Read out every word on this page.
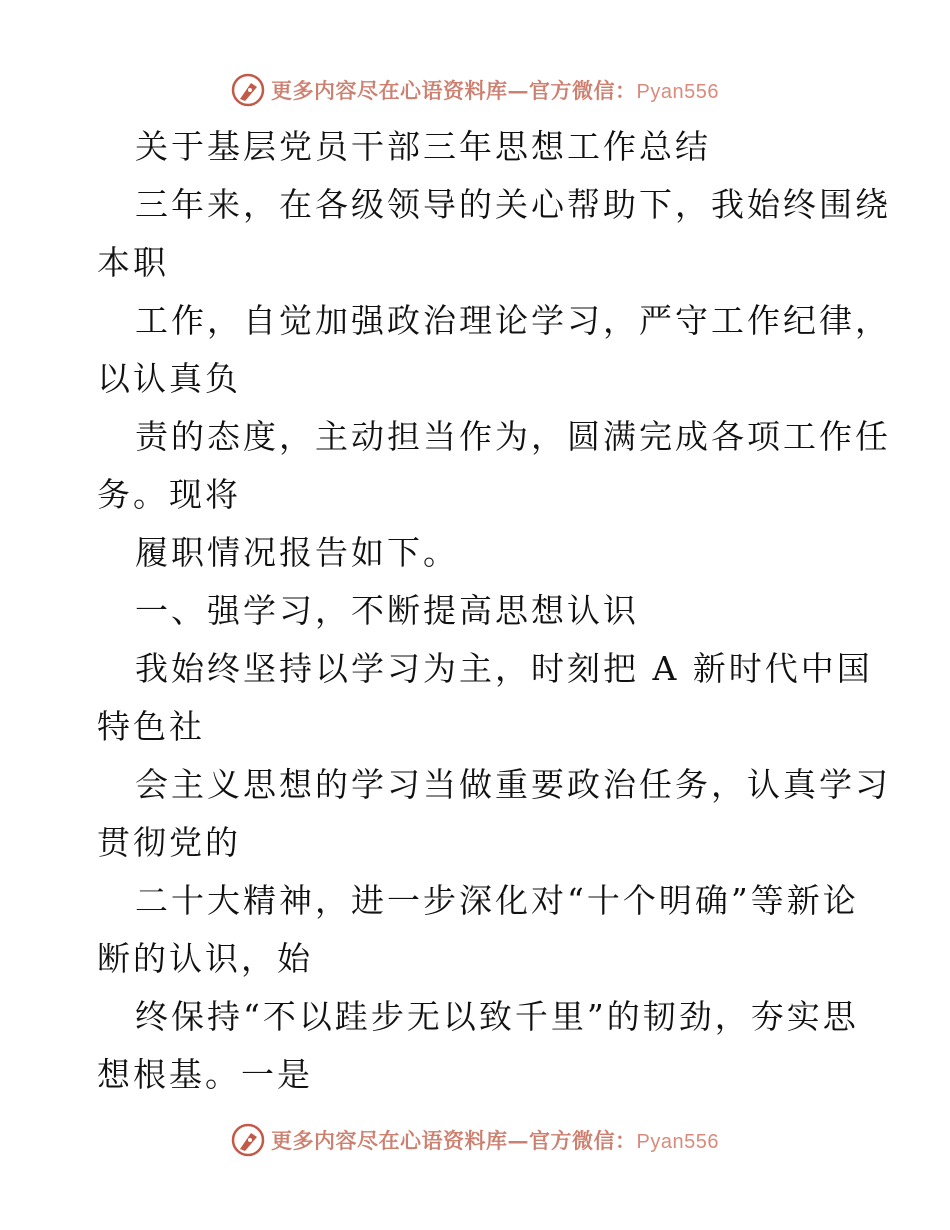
更多内容尽在心语资料库—官方微信：Pyan556
关于基层党员干部三年思想工作总结
三年来，在各级领导的关心帮助下，我始终围绕
本职
工作，自觉加强政治理论学习，严守工作纪律，
以认真负
责的态度，主动担当作为，圆满完成各项工作任
务。现将
履职情况报告如下。
一、强学习，不断提高思想认识
我始终坚持以学习为主，时刻把 A 新时代中国
特色社
会主义思想的学习当做重要政治任务，认真学习
贯彻党的
二十大精神，进一步深化对“十个明确”等新论
断的认识，始
终保持“不以跬步无以致千里”的韧劲，夯实思
想根基。一是
更多内容尽在心语资料库—官方微信：Pyan556
